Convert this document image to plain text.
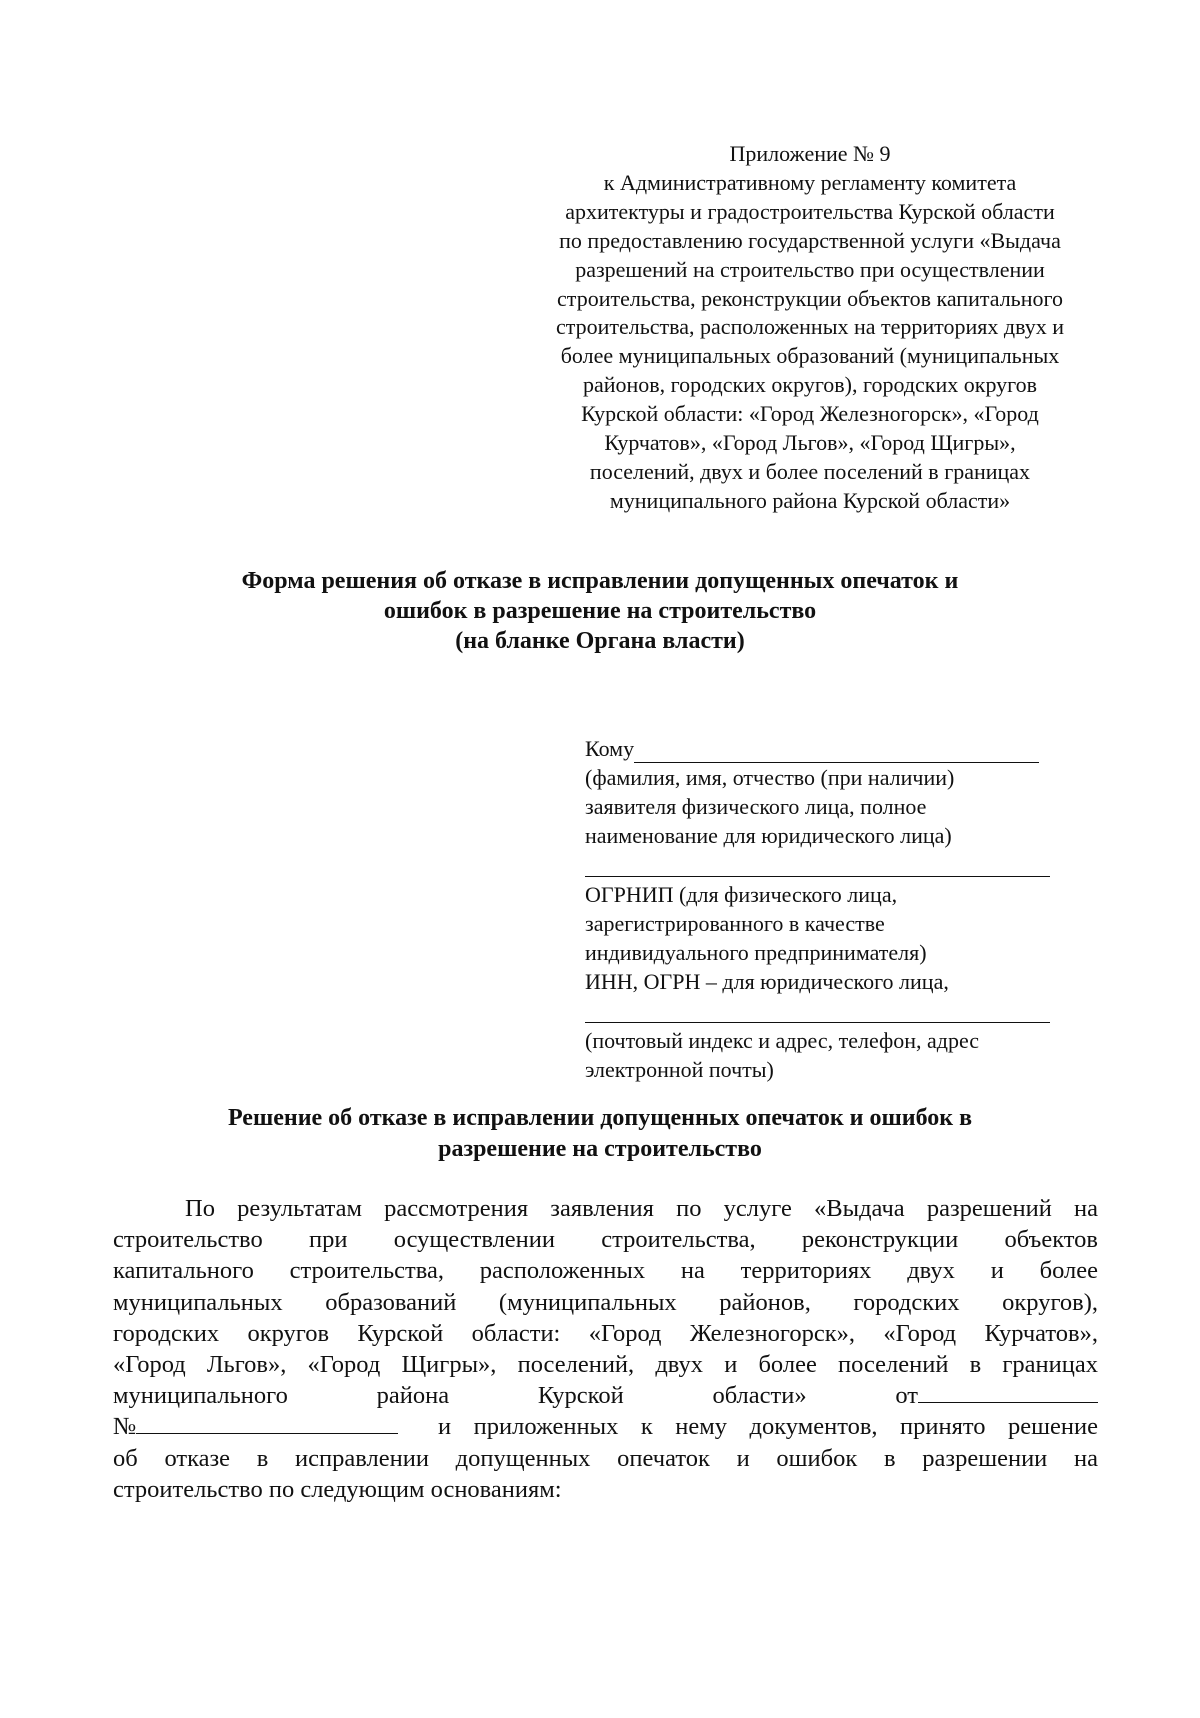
Приложение № 9
к Административному регламенту комитета
архитектуры и градостроительства Курской области
по предоставлению государственной услуги «Выдача
разрешений на строительство при осуществлении
строительства, реконструкции объектов капитального
строительства, расположенных на территориях двух и
более муниципальных образований (муниципальных
районов, городских округов), городских округов
Курской области: «Город Железногорск», «Город
Курчатов», «Город Льгов», «Город Щигры»,
поселений, двух и более поселений в границах
муниципального района Курской области»
Форма решения об отказе в исправлении допущенных опечаток и
ошибок в разрешение на строительство
(на бланке Органа власти)
Кому
(фамилия, имя, отчество (при наличии)
заявителя физического лица, полное
наименование для юридического лица)
ОГРНИП (для физического лица,
зарегистрированного в качестве
индивидуального предпринимателя)
ИНН, ОГРН – для юридического лица,
(почтовый индекс и адрес, телефон, адрес
электронной почты)
Решение об отказе в исправлении допущенных опечаток и ошибок в
разрешение на строительство
По результатам рассмотрения заявления по услуге «Выдача разрешений на
строительство при осуществлении строительства, реконструкции объектов
капитального строительства, расположенных на территориях двух и более
муниципальных образований (муниципальных районов, городских округов),
городских округов Курской области: «Город Железногорск», «Город Курчатов»,
«Город Льгов», «Город Щигры», поселений, двух и более поселений в границах
муниципального	района	Курской	области»	от
№	и приложенных к нему документов, принято решение
об отказе в исправлении допущенных опечаток и ошибок в разрешении на
строительство по следующим основаниям:
